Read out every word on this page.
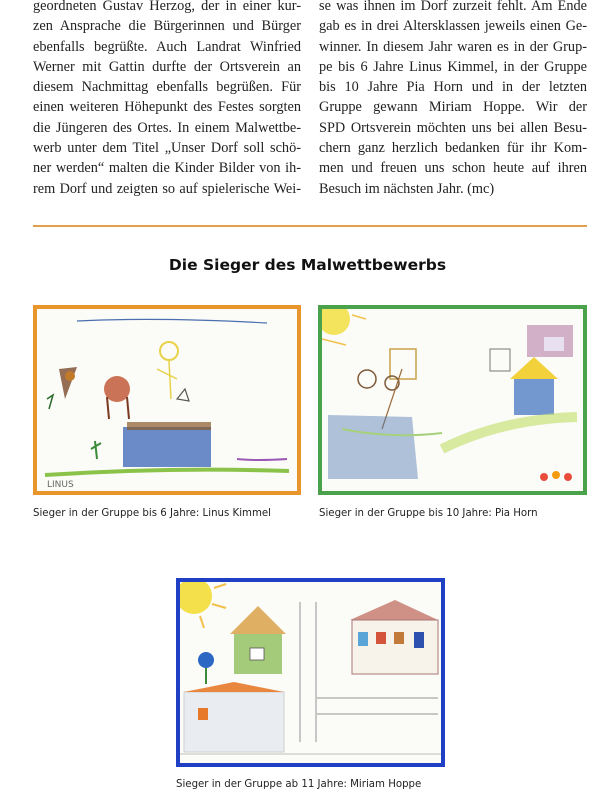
geordneten Gustav Herzog, der in einer kur-
zen Ansprache die Bürgerinnen und Bürger
ebenfalls begrüßte. Auch Landrat Winfried
Werner mit Gattin durfte der Ortsverein an
diesem Nachmittag ebenfalls begrüßen. Für
einen weiteren Höhepunkt des Festes sorgten
die Jüngeren des Ortes. In einem Malwettbe-
werb unter dem Titel „Unser Dorf soll schö-
ner werden“ malten die Kinder Bilder von ih-
rem Dorf und zeigten so auf spielerische Wei-
se was ihnen im Dorf zurzeit fehlt. Am Ende
gab es in drei Altersklassen jeweils einen Ge-
winner. In diesem Jahr waren es in der Grup-
pe bis 6 Jahre Linus Kimmel, in der Gruppe
bis 10 Jahre Pia Horn und in der letzten
Gruppe gewann Miriam Hoppe. Wir der
SPD Ortsverein möchten uns bei allen Besu-
chern ganz herzlich bedanken für ihr Kom-
men und freuen uns schon heute auf ihren
Besuch im nächsten Jahr. (mc)
Die Sieger des Malwettbewerbs
LINUS
Sieger in der Gruppe bis 6 Jahre: Linus Kimmel	Sieger in der Gruppe bis 10 Jahre: Pia Horn
Sieger in der Gruppe ab 11 Jahre: Miriam Hoppe
